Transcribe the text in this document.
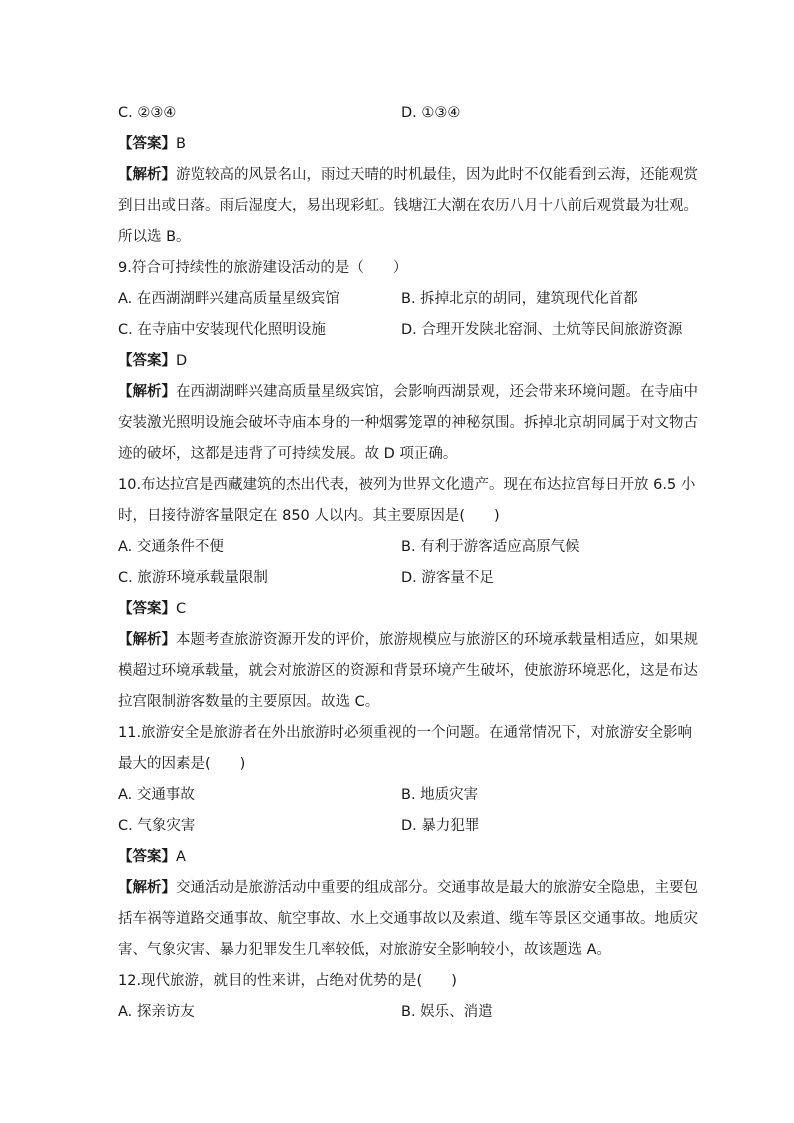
C. ②③④	D. ①③④
【答案】B
【解析】游览较高的风景名山，雨过天晴的时机最佳，因为此时不仅能看到云海，还能观赏
到日出或日落。雨后湿度大，易出现彩虹。钱塘江大潮在农历八月十八前后观赏最为壮观。
所以选 B。
9.符合可持续性的旅游建设活动的是（　　）
A. 在西湖湖畔兴建高质量星级宾馆	B. 拆掉北京的胡同，建筑现代化首都
C. 在寺庙中安装现代化照明设施	D. 合理开发陕北窑洞、土炕等民间旅游资源
【答案】D
【解析】在西湖湖畔兴建高质量星级宾馆，会影响西湖景观，还会带来环境问题。在寺庙中
安装激光照明设施会破坏寺庙本身的一种烟雾笼罩的神秘氛围。拆掉北京胡同属于对文物古
迹的破坏，这都是违背了可持续发展。故 D 项正确。
10.布达拉宫是西藏建筑的杰出代表，被列为世界文化遗产。现在布达拉宫每日开放 6.5 小
时，日接待游客量限定在 850 人以内。其主要原因是(　　)
A. 交通条件不便	B. 有利于游客适应高原气候
C. 旅游环境承载量限制	D. 游客量不足
【答案】C
【解析】本题考查旅游资源开发的评价，旅游规模应与旅游区的环境承载量相适应，如果规
模超过环境承载量，就会对旅游区的资源和背景环境产生破坏，使旅游环境恶化，这是布达
拉宫限制游客数量的主要原因。故选 C。
11.旅游安全是旅游者在外出旅游时必须重视的一个问题。在通常情况下，对旅游安全影响
最大的因素是(　　)
A. 交通事故	B. 地质灾害
C. 气象灾害	D. 暴力犯罪
【答案】A
【解析】交通活动是旅游活动中重要的组成部分。交通事故是最大的旅游安全隐患，主要包
括车祸等道路交通事故、航空事故、水上交通事故以及索道、缆车等景区交通事故。地质灾
害、气象灾害、暴力犯罪发生几率较低，对旅游安全影响较小，故该题选 A。
12.现代旅游，就目的性来讲，占绝对优势的是(　　)
A. 探亲访友	B. 娱乐、消遣
